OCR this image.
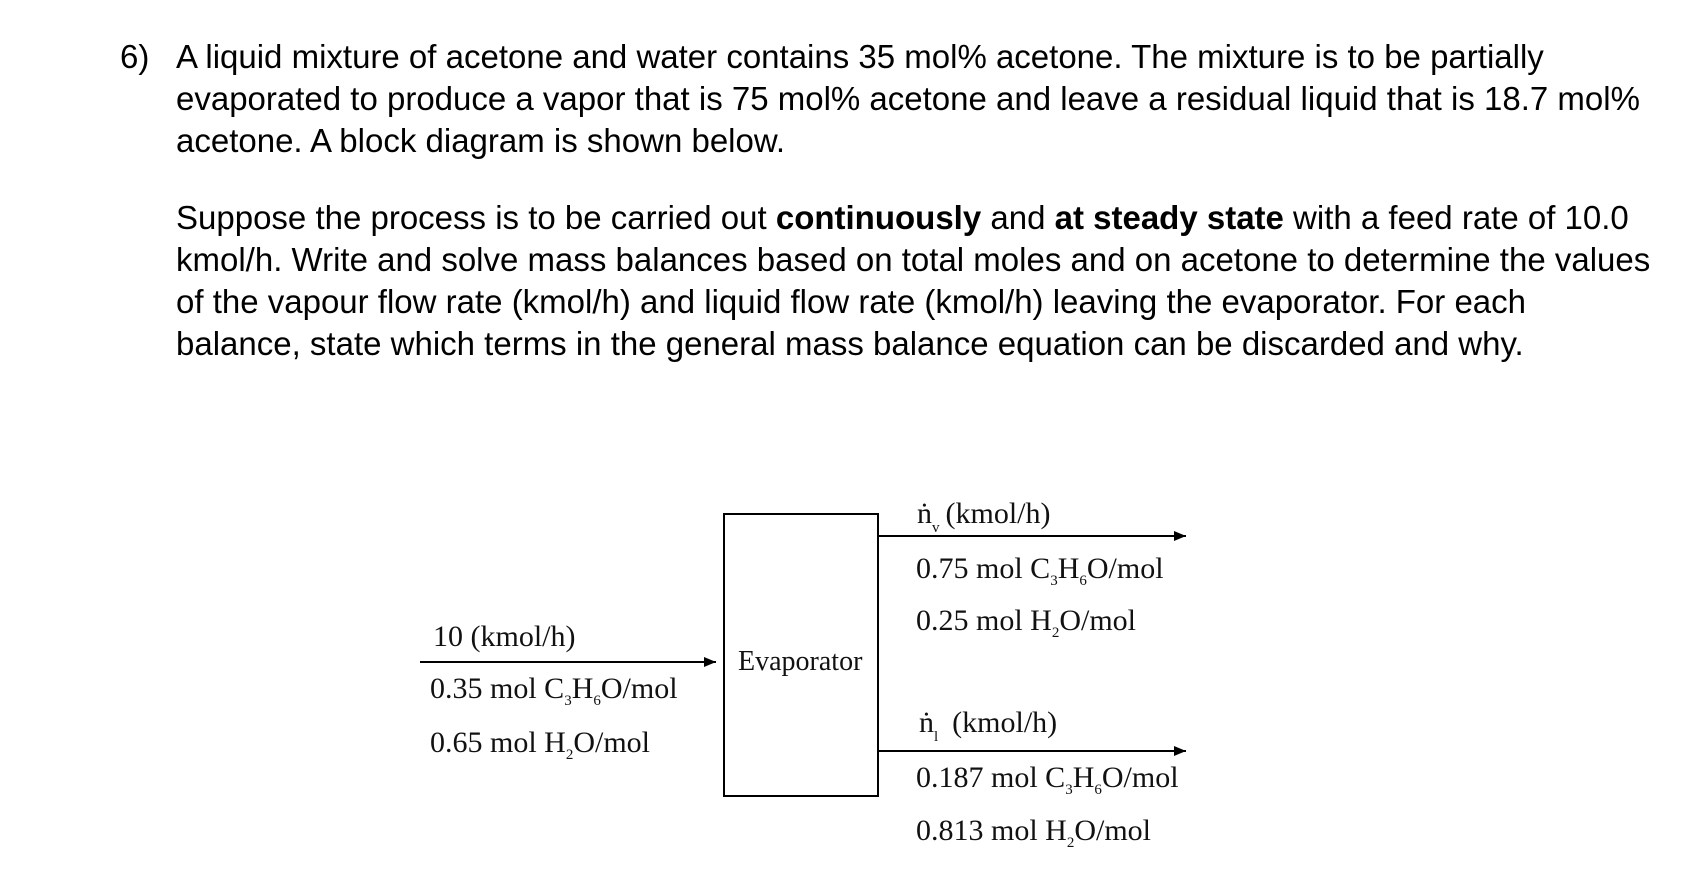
6) A liquid mixture of acetone and water contains 35 mol% acetone. The mixture is to be partially evaporated to produce a vapor that is 75 mol% acetone and leave a residual liquid that is 18.7 mol% acetone. A block diagram is shown below.

Suppose the process is to be carried out continuously and at steady state with a feed rate of 10.0 kmol/h. Write and solve mass balances based on total moles and on acetone to determine the values of the vapour flow rate (kmol/h) and liquid flow rate (kmol/h) leaving the evaporator. For each balance, state which terms in the general mass balance equation can be discarded and why.

Evaporator
10 (kmol/h)
0.35 mol $C_3H_6O$/mol
0.65 mol $H_2O$/mol
ṅ$_v$ (kmol/h)
0.75 mol $C_3H_6O$/mol
0.25 mol $H_2O$/mol
ṅ$_l$ (kmol/h)
0.187 mol $C_3H_6O$/mol
0.813 mol $H_2O$/mol
